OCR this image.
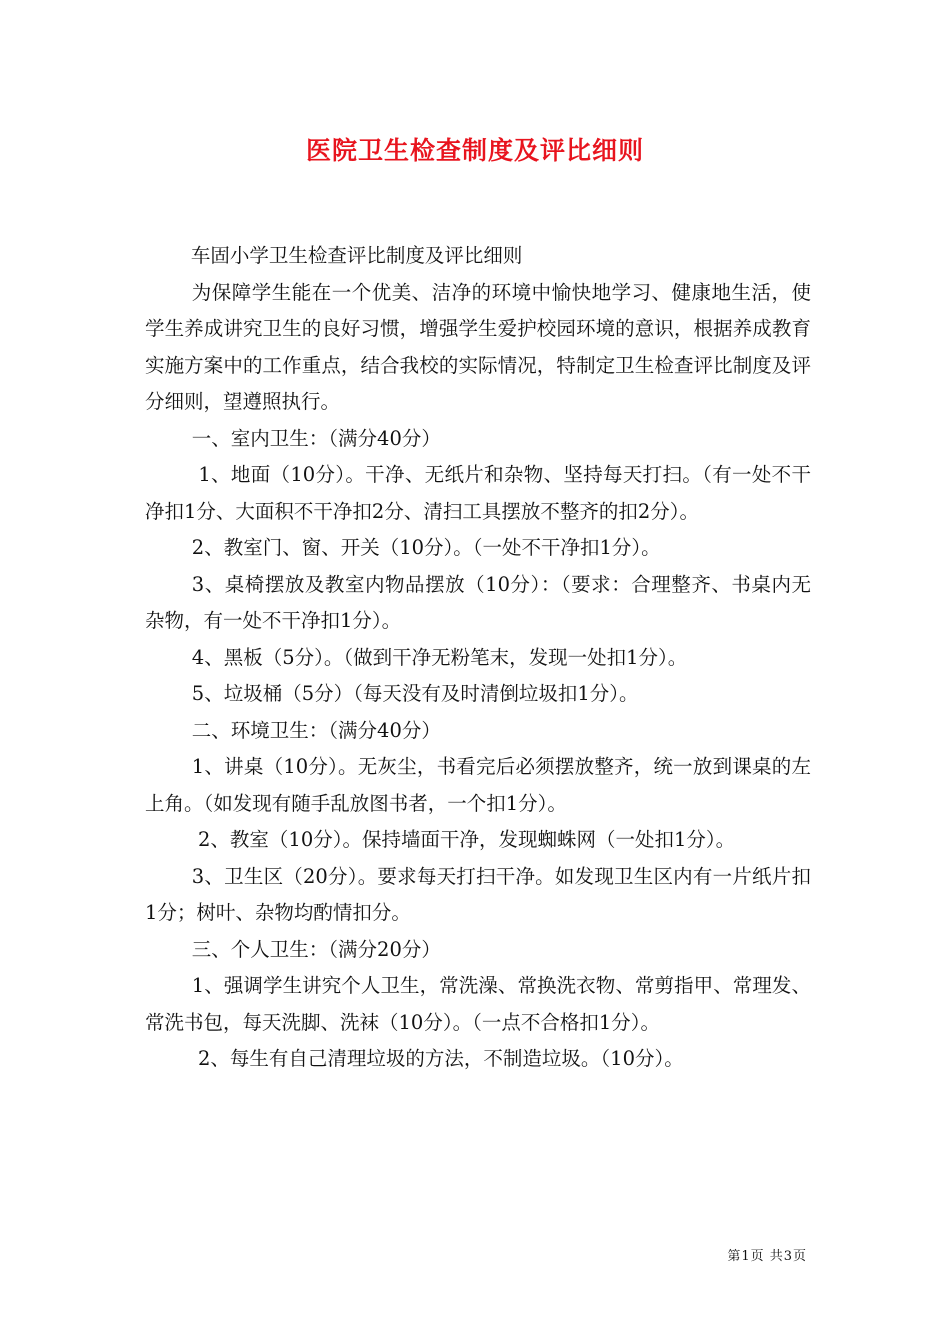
医院卫生检查制度及评比细则

车固小学卫生检查评比制度及评比细则

为保障学生能在一个优美、洁净的环境中愉快地学习、健康地生活，使学生养成讲究卫生的良好习惯，增强学生爱护校园环境的意识，根据养成教育实施方案中的工作重点，结合我校的实际情况，特制定卫生检查评比制度及评分细则，望遵照执行。

一、室内卫生：（满分40分）

1、地面（10分）。干净、无纸片和杂物、坚持每天打扫。（有一处不干净扣1分、大面积不干净扣2分、清扫工具摆放不整齐的扣2分）。

2、教室门、窗、开关（10分）。（一处不干净扣1分）。

3、桌椅摆放及教室内物品摆放（10分）：（要求：合理整齐、书桌内无杂物，有一处不干净扣1分）。

4、黑板（5分）。（做到干净无粉笔末，发现一处扣1分）。

5、垃圾桶（5分）（每天没有及时清倒垃圾扣1分）。

二、环境卫生：（满分40分）

1、讲桌（10分）。无灰尘，书看完后必须摆放整齐，统一放到课桌的左上角。（如发现有随手乱放图书者，一个扣1分）。

2、教室（10分）。保持墙面干净，发现蜘蛛网（一处扣1分）。

3、卫生区（20分）。要求每天打扫干净。如发现卫生区内有一片纸片扣1分；树叶、杂物均酌情扣分。

三、个人卫生：（满分20分）

1、强调学生讲究个人卫生，常洗澡、常换洗衣物、常剪指甲、常理发、常洗书包，每天洗脚、洗袜（10分）。（一点不合格扣1分）。

2、每生有自己清理垃圾的方法，不制造垃圾。（10分）。

第1页 共3页
